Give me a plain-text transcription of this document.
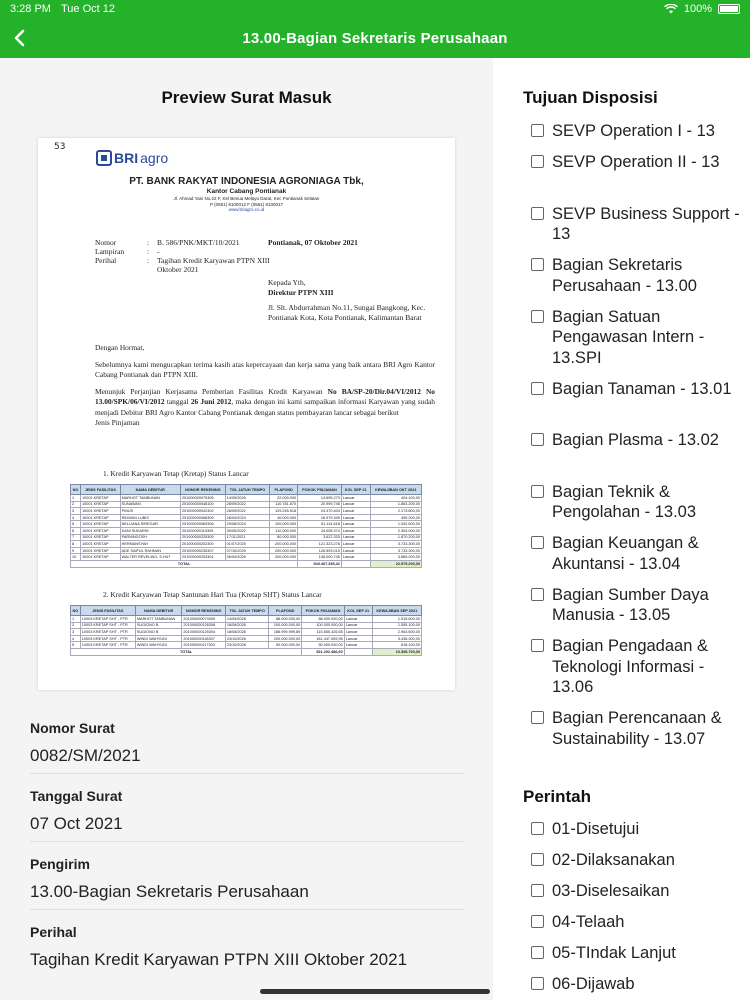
3:28 PM Tue Oct 12	100%
13.00-Bagian Sekretaris Perusahaan
Preview Surat Masuk
53
BRI agro
PT. BANK RAKYAT INDONESIA AGRONIAGA Tbk,
Kantor Cabang Pontianak
Jl. Ahmad Yani No.22 F, Kel Benua Melayu Darat, Kec Pontianak Selatan
P (0561) 8100012 F (0561) 8100017
www.briagro.co.id
Nomor	:	B. 586/PNK/MKT/10/2021
Lampiran	:	-
Perihal	:	Tagihan Kredit Karyawan PTPN XIII Oktober 2021
Pontianak, 07 Oktober 2021
Kepada Yth,
Direktur PTPN XIII
Jl. Slt. Abdurrahman No.11, Sungai Bangkong, Kec. Pontianak Kota, Kota Pontianak, Kalimantan Barat

Dengan Hormat,

Sebelumnya kami mengucapkan terima kasih atas kepercayaan dan kerja sama yang baik antara BRI Agro Kantor Cabang Pontianak dan PTPN XIII.

Menunjuk Perjanjian Kerjasama Pemberian Fasilitas Kredit Karyawan No BA/SP-20/Dir.04/VI/2012 No 13.00/SPK/06/VI/2012 tanggal 26 Juni 2012, maka dengan ini kami sampaikan informasi Karyawan yang sudah menjadi Debitur BRI Agro Kantor Cabang Pontianak dengan status pembayaran lancar sebagai berikut

Jenis Pinjaman

1. Kredit Karyawan Tetap (Kretap) Status Lancar
NO	JENIS FASILITAS	NAMA DEBITUR	NOMOR REKENING	TGL JATUH TEMPO	PLAFOND	POKOK PINJAMAN	KOL SEP 21	KEWAJIBAN OKT 2021
1	10001 KRETAP	MARHOT TAMBUNAN	201000000075305	14/05/2026	22.000.000	14.695.273	Lancar	404.100,00
2	10001 KRETAP	SUNAWAN	201000000048100	28/09/2022	110.781.870	20.999.748	Lancar	1.863.200,00
3	10001 KRETAP	PINUS	201000000042302	28/09/2022	129.245.518	24.370.404	Lancar	2.173.800,00
4	10001 KRETAP	RIDWAN LUBIS	201000000068309	28/04/2024	40.000.000	18.979.349	Lancar	495.200,00
5	10001 KRETAP	NELLIANA SIREGAR	201000000069306	29/08/2024	100.000.000	51.114.618	Lancar	1.932.600,00
6	10001 KRETAP	DANI SUKARNI	201000000110309	30/05/2022	110.000.000	24.008.374	Lancar	2.304.000,00
7	10001 KRETAP	PARNINGOSH	201000000225309	17/11/2021	80.000.000	3.622.333	Lancar	1.870.200,00
8	10001 KRETAP	HERMANSYAH	201000000202300	01/07/2025	200.000.000	121.323.278	Lancar	3.733.300,00
9	10001 KRETAP	ADE SAIFUL RAHMAN	201000000235307	07/10/2025	200.000.000	126.593.015	Lancar	3.733.300,00
10	10001 KRETAP	WALTER REVELINO, S.HUT	201000000253301	06/04/2026	200.000.000	136.000.745	Lancar	3.865.200,00
TOTAL						543.407.335,42		22.575.200,00
2. Kredit Karyawan Tetap Santunan Hari Tua (Kretap SHT) Status Lancar
NO	JENIS FASILITAS	NAMA DEBITUR	NOMOR REKENING	TGL JATUH TEMPO	PLAFOND	POKOK PINJAMAN	KOL SEP 21	KEWAJIBAN SEP 2021
1	10003 KRETAP SHT - PTR	MARHOT TAMBUNAN	201000000074309	14/05/2026	88.000.000,00	88.000.000,00	Lancar	1.515.600,00
2	10003 KRETAP SHT - PTR	SUGIONO B	201000000126308	18/08/2026	100.000.000,00	100.000.000,00	Lancar	1.555.100,00
3	10003 KRETAP SHT - PTR	SUGIONO B	201000000125304	18/08/2026	188.999.999,89	115.655.426,65	Lancar	2.963.600,00
4	10003 KRETAP SHT - PTR	WINDI WAHYUDI	201000000118307	23/10/2026	200.000.000,00	181.447.059,95	Lancar	3.436.300,00
5	10003 KRETAP SHT - PTR	WINDI WAHYUDI	201000000117303	23/10/2026	50.000.000,00	50.000.000,00	Lancar	818.100,00
TOTAL						521.202.486,60		10.308.700,00
Nomor Surat
0082/SM/2021
Tanggal Surat
07 Oct 2021
Pengirim
13.00-Bagian Sekretaris Perusahaan
Perihal
Tagihan Kredit Karyawan PTPN XIII Oktober 2021
Tujuan Disposisi
SEVP Operation I - 13
SEVP Operation II - 13
SEVP Business Support - 13
Bagian Sekretaris Perusahaan - 13.00
Bagian Satuan Pengawasan Intern - 13.SPI
Bagian Tanaman - 13.01
Bagian Plasma - 13.02
Bagian Teknik & Pengolahan - 13.03
Bagian Keuangan & Akuntansi - 13.04
Bagian Sumber Daya Manusia - 13.05
Bagian Pengadaan & Teknologi Informasi - 13.06
Bagian Perencanaan & Sustainability - 13.07
Perintah
01-Disetujui
02-Dilaksanakan
03-Diselesaikan
04-Telaah
05-TIndak Lanjut
06-Dijawab
